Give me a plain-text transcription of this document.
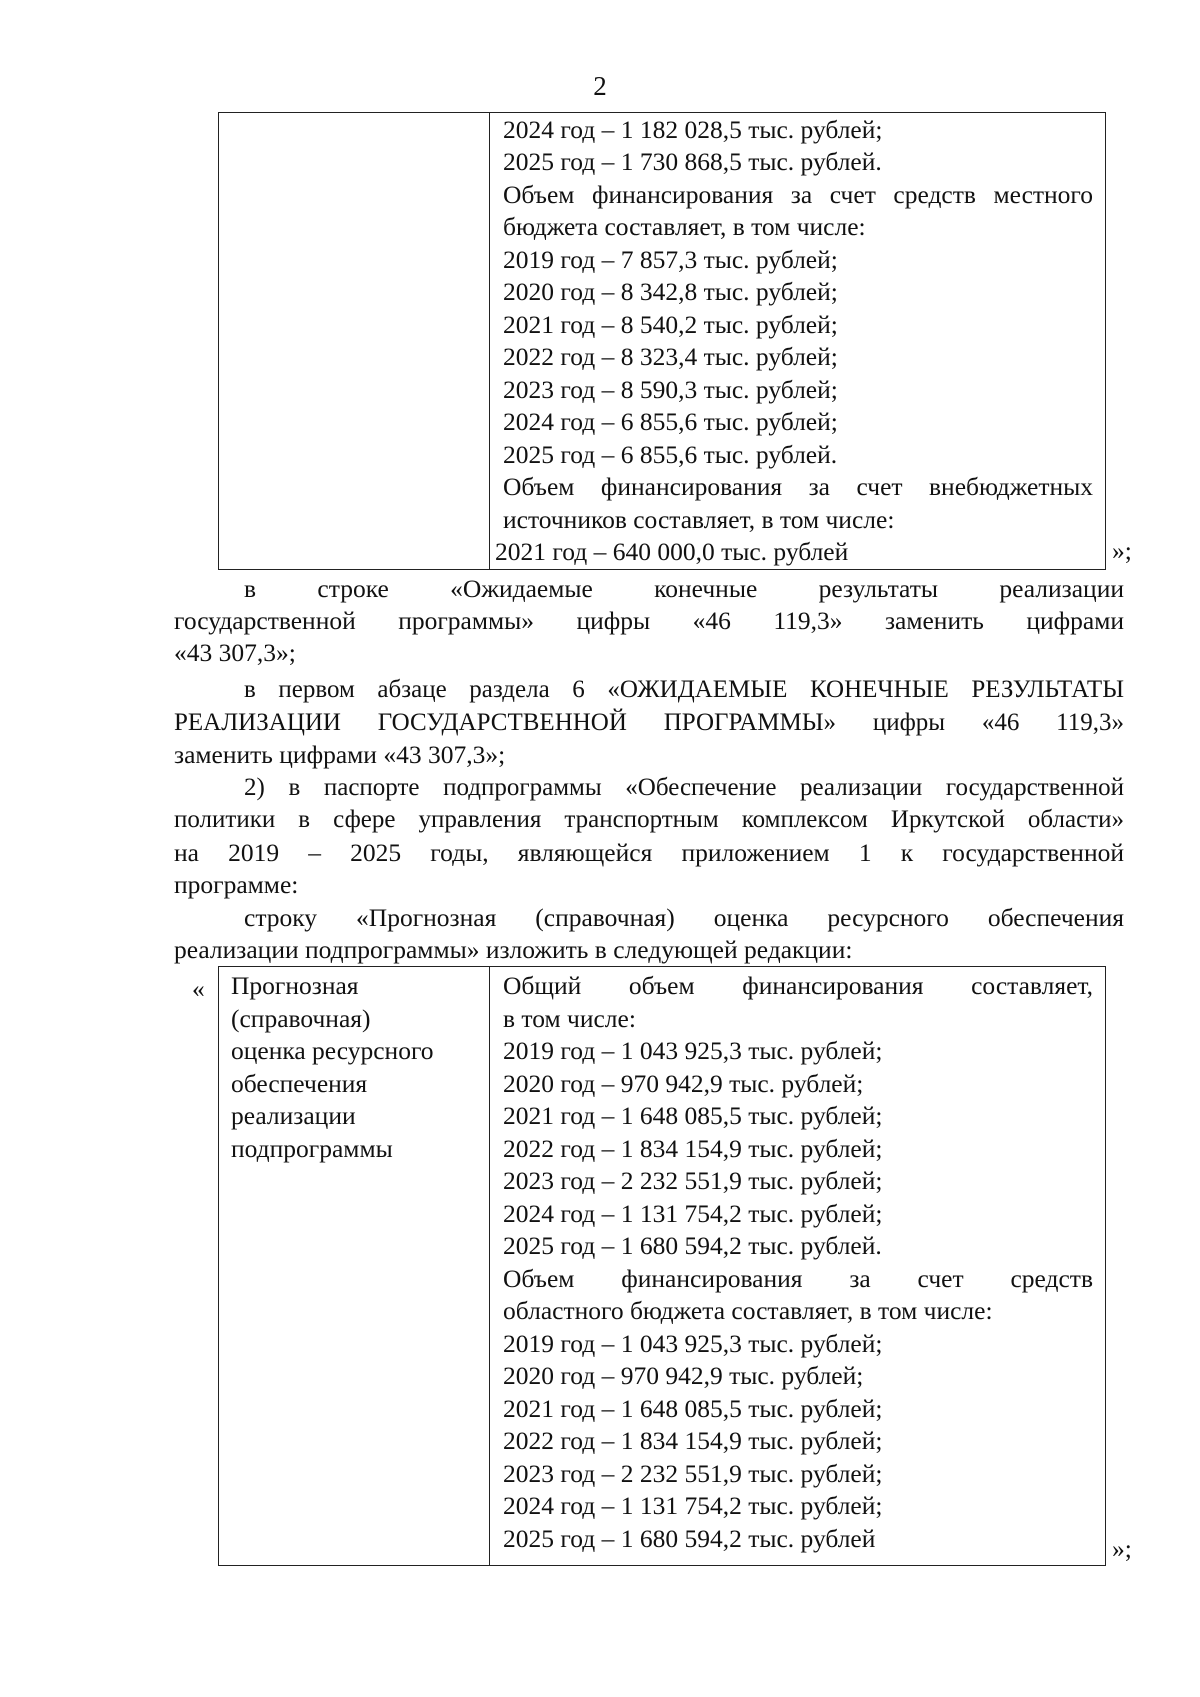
2
2024 год – 1 182 028,5 тыс. рублей;
2025 год – 1 730 868,5 тыс. рублей.
Объем финансирования за счет средств местного
бюджета составляет, в том числе:
2019 год – 7 857,3 тыс. рублей;
2020 год – 8 342,8 тыс. рублей;
2021 год – 8 540,2 тыс. рублей;
2022 год – 8 323,4 тыс. рублей;
2023 год – 8 590,3 тыс. рублей;
2024 год – 6 855,6 тыс. рублей;
2025 год – 6 855,6 тыс. рублей.
Объем финансирования за счет внебюджетных
источников составляет, в том числе:
2021 год – 640 000,0 тыс. рублей	»;
в строке «Ожидаемые конечные результаты реализации
государственной программы» цифры «46 119,3» заменить цифрами
«43 307,3»;
в первом абзаце раздела 6 «ОЖИДАЕМЫЕ КОНЕЧНЫЕ РЕЗУЛЬТАТЫ
РЕАЛИЗАЦИИ ГОСУДАРСТВЕННОЙ ПРОГРАММЫ» цифры «46 119,3»
заменить цифрами «43 307,3»;
2) в паспорте подпрограммы «Обеспечение реализации государственной
политики в сфере управления транспортным комплексом Иркутской области»
на 2019 – 2025 годы, являющейся приложением 1 к государственной
программе:
строку «Прогнозная (справочная) оценка ресурсного обеспечения
реализации подпрограммы» изложить в следующей редакции:
« Прогнозная
(справочная)
оценка ресурсного
обеспечения
реализации
подпрограммы
Общий объем финансирования составляет,
в том числе:
2019 год – 1 043 925,3 тыс. рублей;
2020 год – 970 942,9 тыс. рублей;
2021 год – 1 648 085,5 тыс. рублей;
2022 год – 1 834 154,9 тыс. рублей;
2023 год – 2 232 551,9 тыс. рублей;
2024 год – 1 131 754,2 тыс. рублей;
2025 год – 1 680 594,2 тыс. рублей.
Объем финансирования за счет средств
областного бюджета составляет, в том числе:
2019 год – 1 043 925,3 тыс. рублей;
2020 год – 970 942,9 тыс. рублей;
2021 год – 1 648 085,5 тыс. рублей;
2022 год – 1 834 154,9 тыс. рублей;
2023 год – 2 232 551,9 тыс. рублей;
2024 год – 1 131 754,2 тыс. рублей;
2025 год – 1 680 594,2 тыс. рублей	»;
